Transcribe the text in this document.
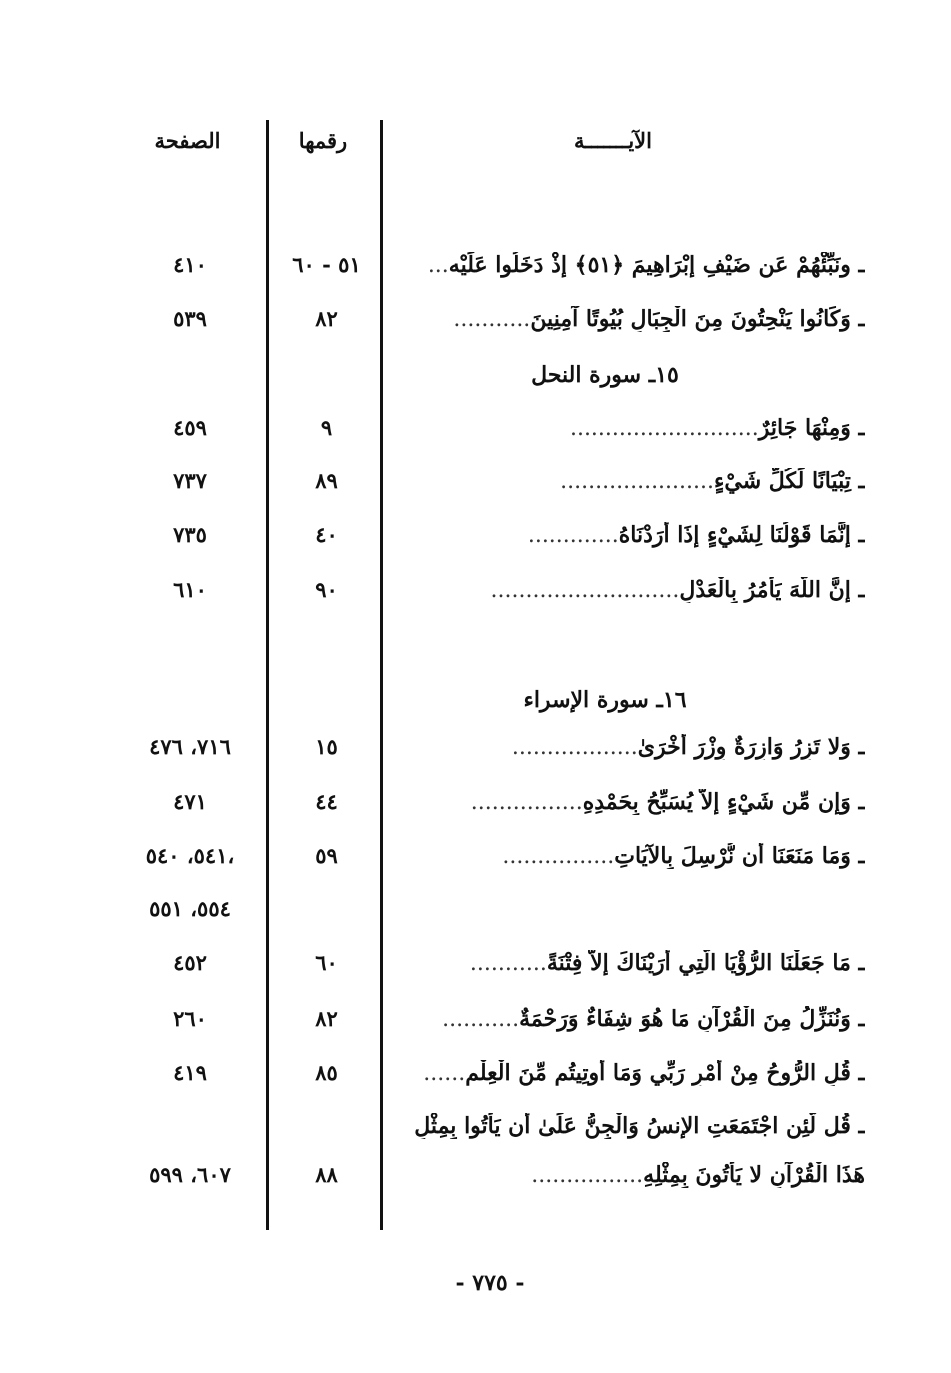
الآيـــــــة
رقمها
الصفحة
ـ ونَبِّئْهُمْ عَن ضَيْفِ إِبْرَاهِيمَ ﴿٥١﴾ إِذْ دَخَلُوا عَلَيْه...
٥١ - ٦٠
٤١٠
ـ وَكَانُوا يَنْحِتُونَ مِنَ الْجِبَالِ بُيُوتًا آمِنِينَ...........
٨٢
٥٣٩
١٥ـ سورة النحل
ـ وَمِنْهَا جَائِرٌ...........................
٩
٤٥٩
ـ تِبْيَانًا لِّكُلِّ شَيْءٍ......................
٨٩
٧٣٧
ـ إِنَّمَا قَوْلُنَا لِشَيْءٍ إِذَا أَرَدْنَاهُ.............
٤٠
٧٣٥
ـ إِنَّ اللَّهَ يَأْمُرُ بِالْعَدْلِ...........................
٩٠
٦١٠
١٦ـ سورة الإسراء
ـ وَلا تَزِرُ وَازِرَةٌ وِزْرَ أُخْرَىٰ..................
١٥
٧١٦، ٤٧٦
ـ وَإِن مِّن شَيْءٍ إِلاَّ يُسَبِّحُ بِحَمْدِهِ................
٤٤
٤٧١
ـ وَمَا مَنَعَنَا أَن نُّرْسِلَ بِالآيَاتِ................
٥٩
٥٤١، ٥٤٠،
٥٥٤، ٥٥١
ـ مَا جَعَلْنَا الرُّؤْيَا الَّتِي أَرَيْنَاكَ إِلاَّ فِتْنَةً...........
٦٠
٤٥٢
ـ وَنُنَزِّلُ مِنَ الْقُرْآنِ مَا هُوَ شِفَاءٌ وَرَحْمَةٌ...........
٨٢
٢٦٠
ـ قُلِ الرُّوحُ مِنْ أَمْرِ رَبِّي وَمَا أُوتِيتُم مِّنَ الْعِلْمِ......
٨٥
٤١٩
ـ قُل لَّئِنِ اجْتَمَعَتِ الإِنسُ وَالْجِنُّ عَلَىٰ أَن يَأْتُوا بِمِثْلِ
هَذَا الْقُرْآنِ لا يَأْتُونَ بِمِثْلِهِ................
٨٨
٦٠٧، ٥٩٩
- ٧٧٥ -
